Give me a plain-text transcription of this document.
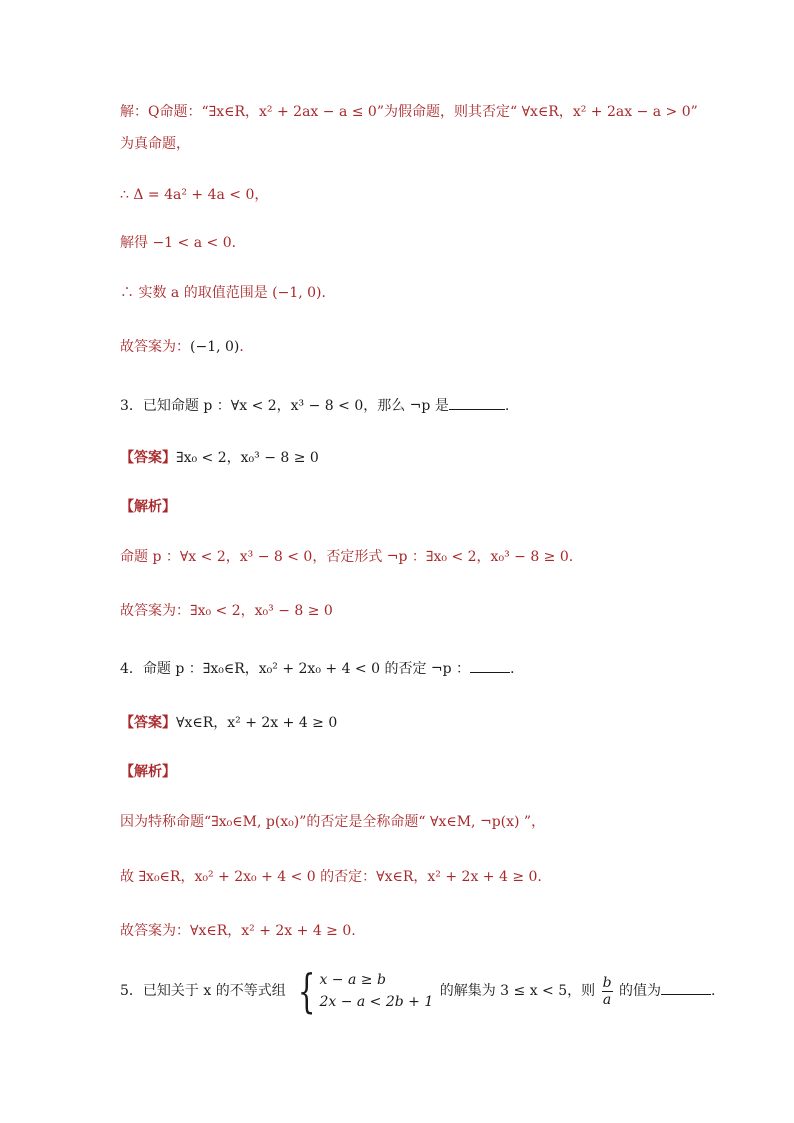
解：Q命题：“∃x∈R，x² + 2ax − a ≤ 0”为假命题，则其否定“ ∀x∈R，x² + 2ax − a > 0”
为真命题，
∴ Δ = 4a² + 4a < 0，
解得 −1 < a < 0．
∴ 实数 a 的取值范围是 (−1, 0)．
故答案为：(−1, 0)．
3．已知命题 p ：∀x < 2，x³ − 8 < 0，那么 ¬p 是	.
【答案】∃x₀ < 2，x₀³ − 8 ≥ 0
【解析】
命题 p ：∀x < 2，x³ − 8 < 0，否定形式 ¬p ：∃x₀ < 2，x₀³ − 8 ≥ 0.
故答案为：∃x₀ < 2，x₀³ − 8 ≥ 0
4．命题 p ：∃x₀∈R，x₀² + 2x₀ + 4 < 0 的否定 ¬p ：	．
【答案】∀x∈R，x² + 2x + 4 ≥ 0
【解析】
因为特称命题“∃x₀∈M, p(x₀)”的否定是全称命题“ ∀x∈M, ¬p(x) ”，
故 ∃x₀∈R，x₀² + 2x₀ + 4 < 0 的否定：∀x∈R，x² + 2x + 4 ≥ 0.
故答案为：∀x∈R，x² + 2x + 4 ≥ 0.
5．已知关于 x 的不等式组 { x − a ≥ b
2x − a < 2b + 1
的解集为 3 ≤ x < 5，则 $\frac{b}{a}$ 的值为	.
